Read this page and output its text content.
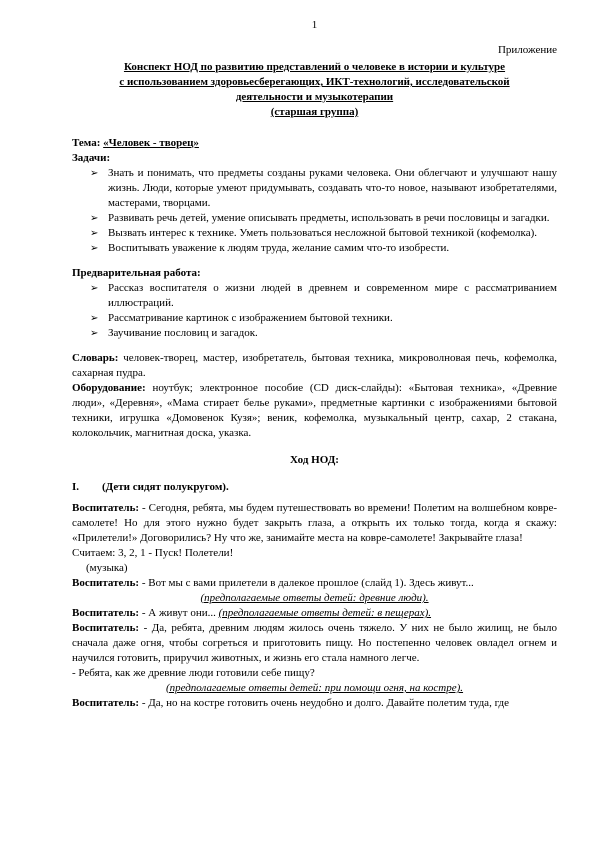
1
Приложение
Конспект НОД по развитию представлений о человеке в истории и культуре
с использованием здоровьесберегающих, ИКТ-технологий, исследовательской
деятельности и музыкотерапии
(старшая группа)
Тема: «Человек - творец»
Задачи:
➢ Знать и понимать, что предметы созданы руками человека. Они облегчают и улучшают нашу жизнь. Люди, которые умеют придумывать, создавать что-то новое, называют изобретателями, мастерами, творцами.
➢ Развивать речь детей, умение описывать предметы, использовать в речи пословицы и загадки.
➢ Вызвать интерес к технике. Уметь пользоваться несложной бытовой техникой (кофемолка).
➢ Воспитывать уважение к людям труда, желание самим что-то изобрести.
Предварительная работа:
➢ Рассказ воспитателя о жизни людей в древнем и современном мире с рассматриванием иллюстраций.
➢ Рассматривание картинок с изображением бытовой техники.
➢ Заучивание пословиц и загадок.
Словарь: человек-творец, мастер, изобретатель, бытовая техника, микроволновая печь, кофемолка, сахарная пудра.
Оборудование: ноутбук; электронное пособие (CD диск-слайды): «Бытовая техника», «Древние люди», «Деревня», «Мама стирает белье руками», предметные картинки с изображениями бытовой техники, игрушка «Домовенок Кузя»; веник, кофемолка, музыкальный центр, сахар, 2 стакана, колокольчик, магнитная доска, указка.
Ход НОД:
I. (Дети сидят полукругом).
Воспитатель: - Сегодня, ребята, мы будем путешествовать во времени! Полетим на волшебном ковре-самолете! Но для этого нужно будет закрыть глаза, а открыть их только тогда, когда я скажу: «Прилетели!» Договорились? Ну что же, занимайте места на ковре-самолете! Закрывайте глаза!
Считаем: 3, 2, 1 - Пуск! Полетели!
(музыка)
Воспитатель: - Вот мы с вами прилетели в далекое прошлое (слайд 1). Здесь живут...
(предполагаемые ответы детей: древние люди).
Воспитатель: - А живут они... (предполагаемые ответы детей: в пещерах).
Воспитатель: - Да, ребята, древним людям жилось очень тяжело. У них не было жилищ, не было сначала даже огня, чтобы согреться и приготовить пищу. Но постепенно человек овладел огнем и научился готовить, приручил животных, и жизнь его стала намного легче.
- Ребята, как же древние люди готовили себе пищу?
(предполагаемые ответы детей: при помощи огня, на костре).
Воспитатель: - Да, но на костре готовить очень неудобно и долго. Давайте полетим туда, где
